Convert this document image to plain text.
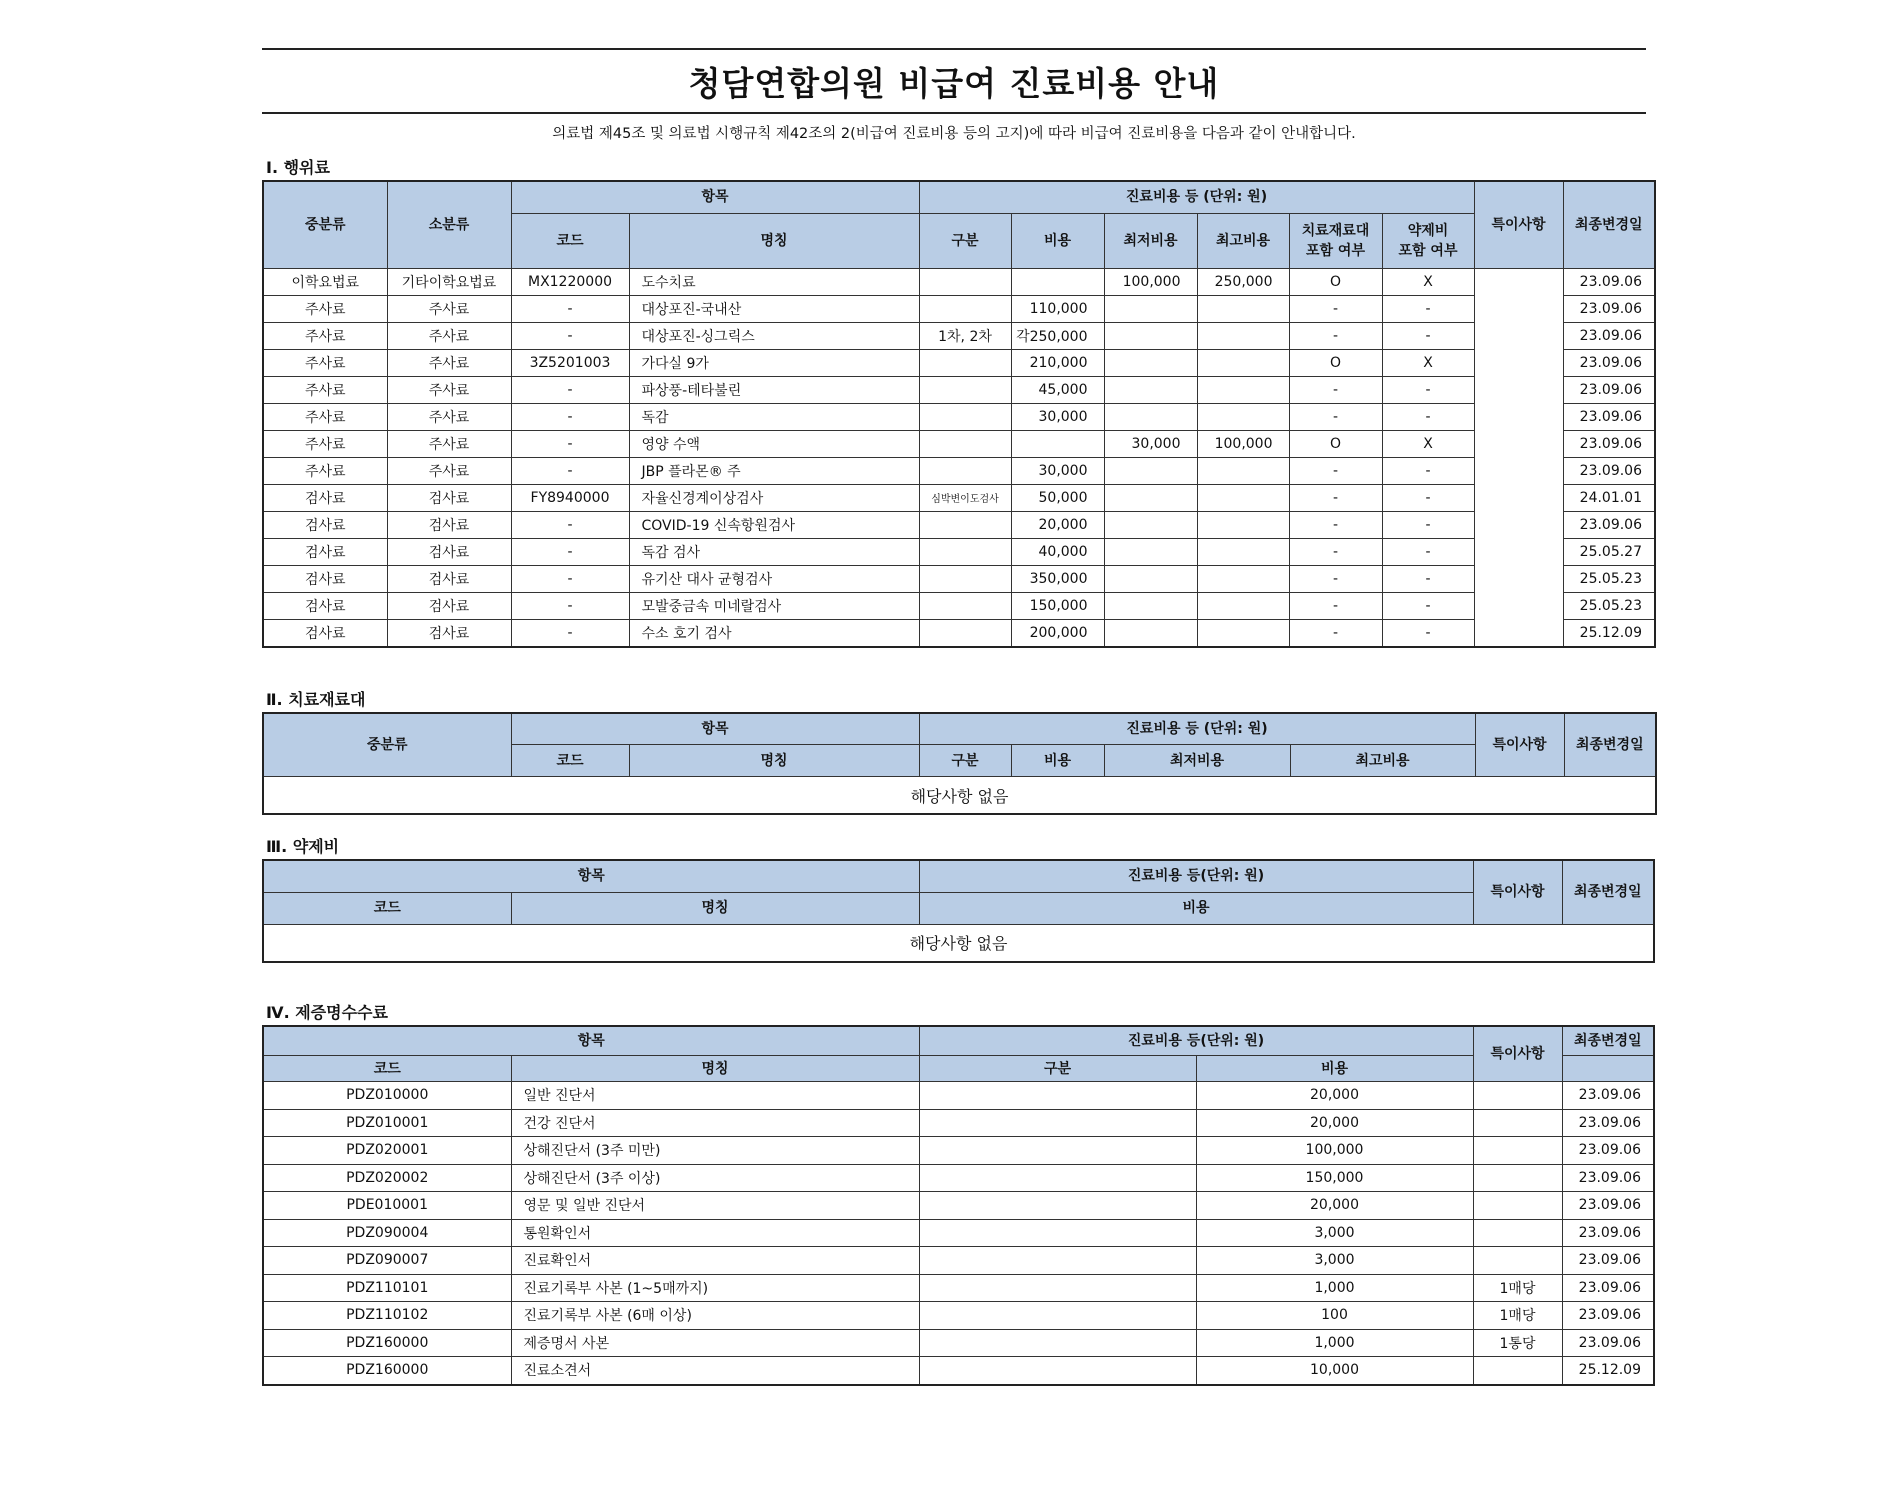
청담연합의원 비급여 진료비용 안내
의료법 제45조 및 의료법 시행규칙 제42조의 2(비급여 진료비용 등의 고지)에 따라 비급여 진료비용을 다음과 같이 안내합니다.
Ⅰ. 행위료
중분류	소분류	항목		진료비용 등 (단위: 원)						특이사항	최종변경일
		코드	명칭	구분	비용	최저비용	최고비용	치료재료대
포함 여부	약제비
포함 여부		
이학요법료	기타이학요법료	MX1220000	도수치료			100,000	250,000	O	X		23.09.06
주사료	주사료	-	대상포진-국내산		110,000			-	-		23.09.06
주사료	주사료	-	대상포진-싱그릭스	1차, 2차	각250,000			-	-		23.09.06
주사료	주사료	3Z5201003	가다실 9가		210,000			O	X		23.09.06
주사료	주사료	-	파상풍-테타불린		45,000			-	-		23.09.06
주사료	주사료	-	독감		30,000			-	-		23.09.06
주사료	주사료	-	영양 수액			30,000	100,000	O	X		23.09.06
주사료	주사료	-	JBP 플라몬® 주		30,000			-	-		23.09.06
검사료	검사료	FY8940000	자율신경계이상검사	심박변이도검사	50,000			-	-		24.01.01
검사료	검사료	-	COVID-19 신속항원검사		20,000			-	-		23.09.06
검사료	검사료	-	독감 검사		40,000			-	-		25.05.27
검사료	검사료	-	유기산 대사 균형검사		350,000			-	-		25.05.23
검사료	검사료	-	모발중금속 미네랄검사		150,000			-	-		25.05.23
검사료	검사료	-	수소 호기 검사		200,000			-	-		25.12.09
Ⅱ. 치료재료대
중분류	항목		진료비용 등 (단위: 원)				특이사항	최종변경일
	코드	명칭	구분	비용	최저비용	최고비용		
해당사항 없음								
Ⅲ. 약제비
항목		진료비용 등(단위: 원)	특이사항	최종변경일
코드	명칭	비용		
해당사항 없음				
Ⅳ. 제증명수수료
항목		진료비용 등(단위: 원)		특이사항	최종변경일
코드	명칭	구분	비용		
PDZ010000	일반 진단서		20,000		23.09.06
PDZ010001	건강 진단서		20,000		23.09.06
PDZ020001	상해진단서 (3주 미만)		100,000		23.09.06
PDZ020002	상해진단서 (3주 이상)		150,000		23.09.06
PDE010001	영문 및 일반 진단서		20,000		23.09.06
PDZ090004	통원확인서		3,000		23.09.06
PDZ090007	진료확인서		3,000		23.09.06
PDZ110101	진료기록부 사본 (1~5매까지)		1,000	1매당	23.09.06
PDZ110102	진료기록부 사본 (6매 이상)		100	1매당	23.09.06
PDZ160000	제증명서 사본		1,000	1통당	23.09.06
PDZ160000	진료소견서		10,000		25.12.09
